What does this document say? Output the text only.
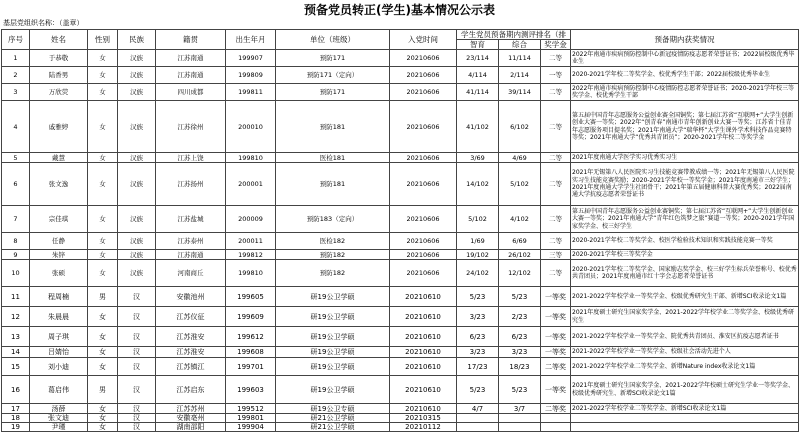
预备党员转正(学生)基本情况公示表
基层党组织名称：（盖章）
序号	姓名	性别	民族	籍贯	出生年月	单位（班级）	入党时间	学生党员预备期内测评排名（排			预备期内获奖情况
								智育	综合	奖学金	
1	于恭敬	女	汉族	江苏南通	199907	预防171	20210606	23/114	11/114	二等	2022年南通市疾病预防控制中心新冠疫情防疫志愿者荣誉证书；2022届校级优秀毕业生
2	陆香男	女	汉族	江苏南通	199809	预防171（定向）	20210606	4/114	2/114	一等	2020-2021学年校二等奖学金、校优秀学生干部；2022届校级优秀毕业生
3	万欣荧	女	汉族	四川成都	199811	预防171	20210606	41/114	39/114	二等	2022年南通市疾病预防控制中心疫情防控志愿者荣誉证书；2020-2021学年校三等奖学金、校优秀学生干部
4	戚雅婷	女	汉族	江苏徐州	200010	预防181	20210606	41/102	6/102	二等	第五届中国青年志愿服务公益创业赛全国铜奖；第七届江苏省“互联网+”大学生创新创业大赛一等奖；2022年“创青春”南通市青年创新创业大赛一等奖；江苏省十佳青年志愿服务项目提名奖；2021年南通大学“瑞华杯”大学生课外学术科技作品竞赛特等奖；2021年南通大学“优秀共青团员”；2020-2021学年校二等奖学金
5	戴慧	女	汉族	江苏上饶	199810	医检181	20210606	3/69	4/69	二等	2021年度南通大学医学实习优秀实习生
6	张文逸	女	汉族	江苏扬州	200001	预防181	20210606	14/102	5/102	二等	2021年无锡第八人民医院实习生技能竞赛带教成绩一等；2021年无锡第八人民医院实习生技能竞赛奖励；2020-2021学年校一等奖学金；2021年度南通市三好学生；2021年度南通大学学生社团骨干；2021年第五届健康科普大赛优秀奖；2022届南通大学抗疫志愿者荣誉证书
7	宗佳琪	女	汉族	江苏盐城	200009	预防183（定向）	20210606	5/102	4/102	二等	第五届中国青年志愿服务公益创业赛铜奖；第七届江苏省“互联网+”大学生创新创业大赛一等奖；2021年南通大学“青年红色筑梦之旅”赛道一等奖；2020-2021学年国家奖学金、校三好学生
8	任静	女	汉族	江苏泰州	200011	医检182	20210606	1/69	6/69	二等	2020-2021学年校二等奖学金、校医学检验技术知识和实践技能竞赛一等奖
9	朱锌	女	汉族	江苏南通	199812	预防182	20210606	19/102	26/102	三等	2020-2021学年校三等奖学金
10	张硕	女	汉族	河南商丘	199810	预防182	20210606	24/102	12/102	二等	2020-2021学年校二等奖学金、国家励志奖学金、校三好学生标兵荣誉称号、校优秀共青团员；2021年度南通市红十字会志愿者荣誉证书
11	程周楠	男	汉	安徽池州	199605	研19公卫学硕	20210610	5/23	5/23	一等奖	2021-2022学年校学业一等奖学金、校级优秀研究生干部、新增SCI收录论文1篇
12	朱晨晨	女	汉	江苏仪征	199609	研19公卫学硕	20210610	3/23	2/23	一等奖	2021年度硕士研究生国家奖学金、2021-2022学年校学业二等奖学金、校级优秀研究生
13	周子琪	女	汉	江苏淮安	199612	研19公卫学硕	20210610	6/23	6/23	一等奖	2021-2022学年校学业一等奖学金、院优秀共青团员、淮安区抗疫志愿者证书
14	吕婧怡	女	汉	江苏淮安	199608	研19公卫学硕	20210610	3/23	3/23	一等奖	2021-2022学年校学业一等奖学金、校级社会活动先进个人
15	刘小迪	女	汉	江苏镇江	199701	研19公卫学硕	20210610	17/23	18/23	二等奖	2021-2022学年校学业二等奖学金、新增Nature index收录论文1篇
16	葛启伟	男	汉	江苏启东	199603	研19公卫学硕	20210610	5/23	5/23	一等奖	2021年度硕士研究生国家奖学金、2021-2022学年校硕士研究生学业一等奖学金、校级优秀研究生、新增SCI收录论文1篇
17	汤薛	女	汉	江苏苏州	199512	研19公卫专硕	20210610	4/7	3/7	二等奖	2021-2022学年校学业二等奖学金、新增SCI收录论文1篇
18	张文迪	女	汉	安徽亳州	199801	研21公卫学硕	20210315				
19	尹瑾	女	汉	湖南邵阳	199904	研21公卫学硕	20210112				
